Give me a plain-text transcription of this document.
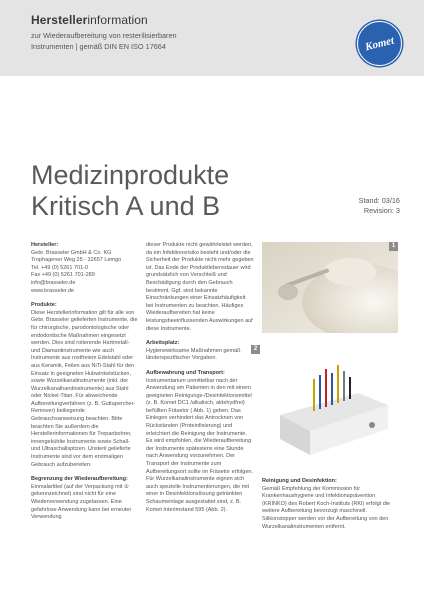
Herstellerinformation
zur Wiederaufbereitung von resterilisierbaren
Instrumenten | gemäß DIN EN ISO 17664	Komet
Medizinprodukte
Kritisch A und B	Stand: 03/16
Revision: 3

Hersteller:

Gebr. Brasseler GmbH & Co. KG
Trophagener Weg 25 · 32657 Lemgo
Tel. +49 (0) 5261 701-0
Fax +49 (0) 5261 701-289
info@brasseler.de
www.brasseler.de

Produkte:

Diese Herstellerinformation gilt für alle von Gebr. Brasseler gelieferten Instrumente, die für chirurgische, parodontologische oder endodontische Maßnahmen eingesetzt werden. Dies sind rotierende Hartmetall- und Diamantinstrumente wie auch Instrumente aus rostfreiem Edelstahl oder aus Keramik, Feilen aus NiTi-Stahl für den Einsatz in geeigneten Hubwinkelstücken, sowie Wurzelkanalinstrumente (inkl. der Wurzelkanalhandinstrumente) aus Stahl oder Nickel-Titan. Für abweichende Aufbereitungverfahren (z. B. Guttapercher-Remover) beiliegende Gebrauchsanweisung beachten. Bitte beachten Sie außerdem die Herstellerinformationen für Trepanbohrer, innengekühlte Instrumente sowie Schall- und Ultraschallspitzen. Unsteril gelieferte Instrumente sind vor dem erstmaligen Gebrauch aufzubereiten.

Begrenzung der Wiederaufbereitung:

Einmalartikel (auf der Verpackung mit ② gekennzeichnet) sind nicht für eine Wiederverwendung zugelassen. Eine gefahrlose Anwendung kann bei erneuter Verwendung

dieser Produkte nicht gewährleistet werden, da ein Infektionsrisiko besteht und/oder die Sicherheit der Produkte nicht mehr gegeben ist. Das Ende der Produktlebensdauer wird grundsätzlich von Verschleiß und Beschädigung durch den Gebrauch bestimmt. Ggf. sind bekannte Einschränkungen einer Einsatzhäufigkeit bei Instrumenten zu beachten. Häufiges Wiederaufbereiten hat keine leistungsbeeinflussenden Auswirkungen auf diese Instrumente.

Arbeitsplatz:

Hygienewirksame Maßnahmen gemäß länderspezifischer Vorgaben.

Aufbewahrung und Transport:

Instrumentarium unmittelbar nach der Anwendung am Patienten in den mit einem geeigneten Reinigungs-/Desinfektionsmittel (z. B. Komet DC1 /alkalisch, aldehydfrei) befüllten Fräsetor ( Abb. 1) geben. Das Einlegen verhindert das Antrocknen von Rückständen (Proteinfixierung) und erleichtert die Reinigung der Instrumente. Es wird empfohlen, die Wiederaufbereitung der Instrumente spätestens eine Stunde nach Anwendung vorzunehmen. Der Transport der Instrumente zum Aufbereitungsort sollte im Fräsetor erfolgen. Für Wurzelkanalinstrumente eignen sich auch spezielle Instrumentierungen, die mit einer in Desinfektionslösung getränkten Schaumeinlage ausgestattet sind, z. B. Komet Interimstand 595 (Abb. 2).

1
2

Reinigung und Desinfektion:

Gemäß Empfehlung der Kommission für Krankenhaushygiene und Infektionsprävention (KRINKO) des Robert Koch-Instituts (RKI) erfolgt die weitere Aufbereitung bevorzugt maschinell. Silikonstopper werden vor der Aufbereitung von den Wurzelkanalinstrumenten entfernt.
